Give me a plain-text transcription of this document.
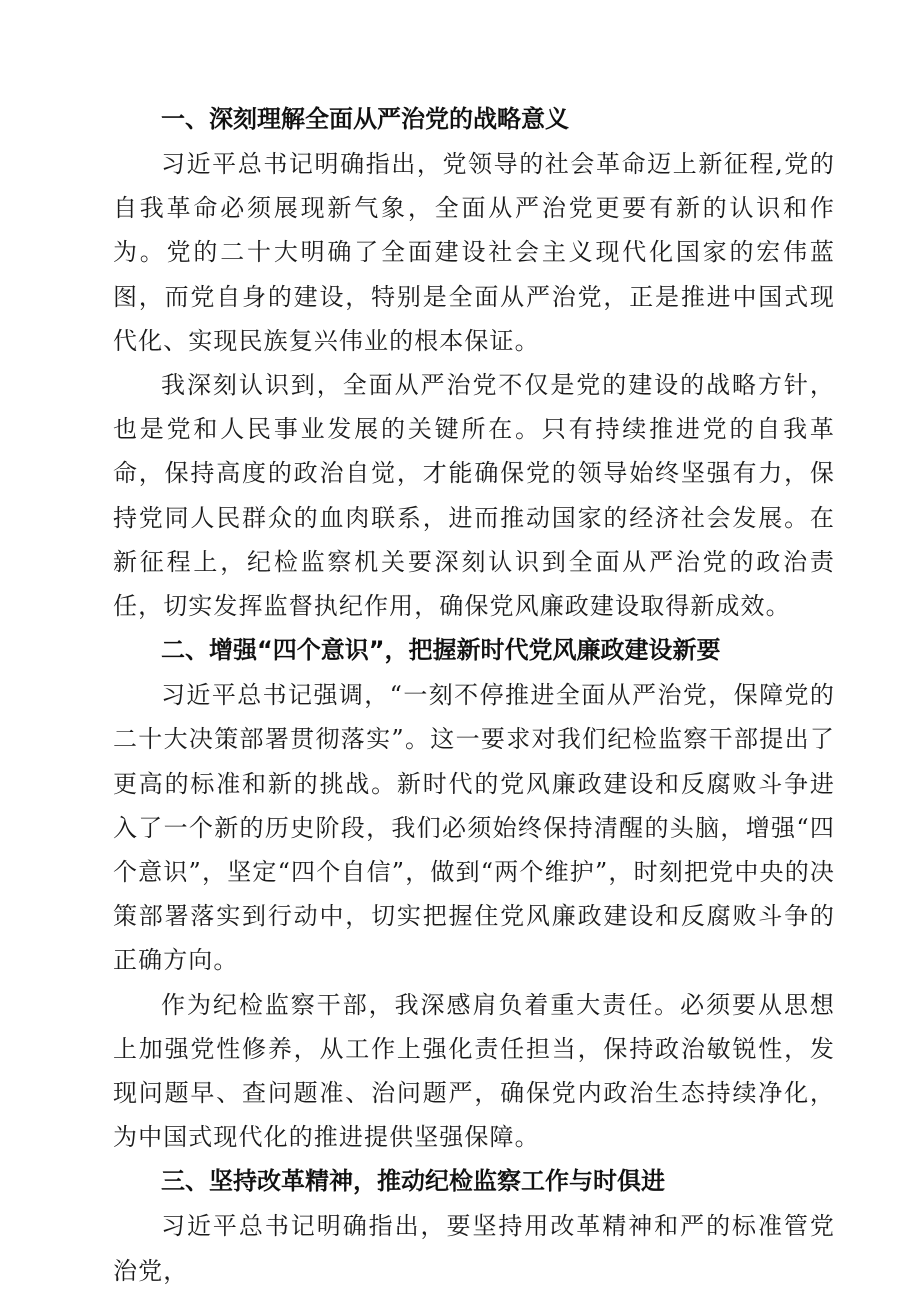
一、深刻理解全面从严治党的战略意义

习近平总书记明确指出，党领导的社会革命迈上新征程,党的自我革命必须展现新气象，全面从严治党更要有新的认识和作为。党的二十大明确了全面建设社会主义现代化国家的宏伟蓝图，而党自身的建设，特别是全面从严治党，正是推进中国式现代化、实现民族复兴伟业的根本保证。

我深刻认识到，全面从严治党不仅是党的建设的战略方针，也是党和人民事业发展的关键所在。只有持续推进党的自我革命，保持高度的政治自觉，才能确保党的领导始终坚强有力，保持党同人民群众的血肉联系，进而推动国家的经济社会发展。在新征程上，纪检监察机关要深刻认识到全面从严治党的政治责任，切实发挥监督执纪作用，确保党风廉政建设取得新成效。

二、增强“四个意识”，把握新时代党风廉政建设新要

习近平总书记强调，“一刻不停推进全面从严治党，保障党的二十大决策部署贯彻落实”。这一要求对我们纪检监察干部提出了更高的标准和新的挑战。新时代的党风廉政建设和反腐败斗争进入了一个新的历史阶段，我们必须始终保持清醒的头脑，增强“四个意识”，坚定“四个自信”，做到“两个维护”，时刻把党中央的决策部署落实到行动中，切实把握住党风廉政建设和反腐败斗争的正确方向。

作为纪检监察干部，我深感肩负着重大责任。必须要从思想上加强党性修养，从工作上强化责任担当，保持政治敏锐性，发现问题早、查问题准、治问题严，确保党内政治生态持续净化，为中国式现代化的推进提供坚强保障。

三、坚持改革精神，推动纪检监察工作与时俱进

习近平总书记明确指出，要坚持用改革精神和严的标准管党治党，
